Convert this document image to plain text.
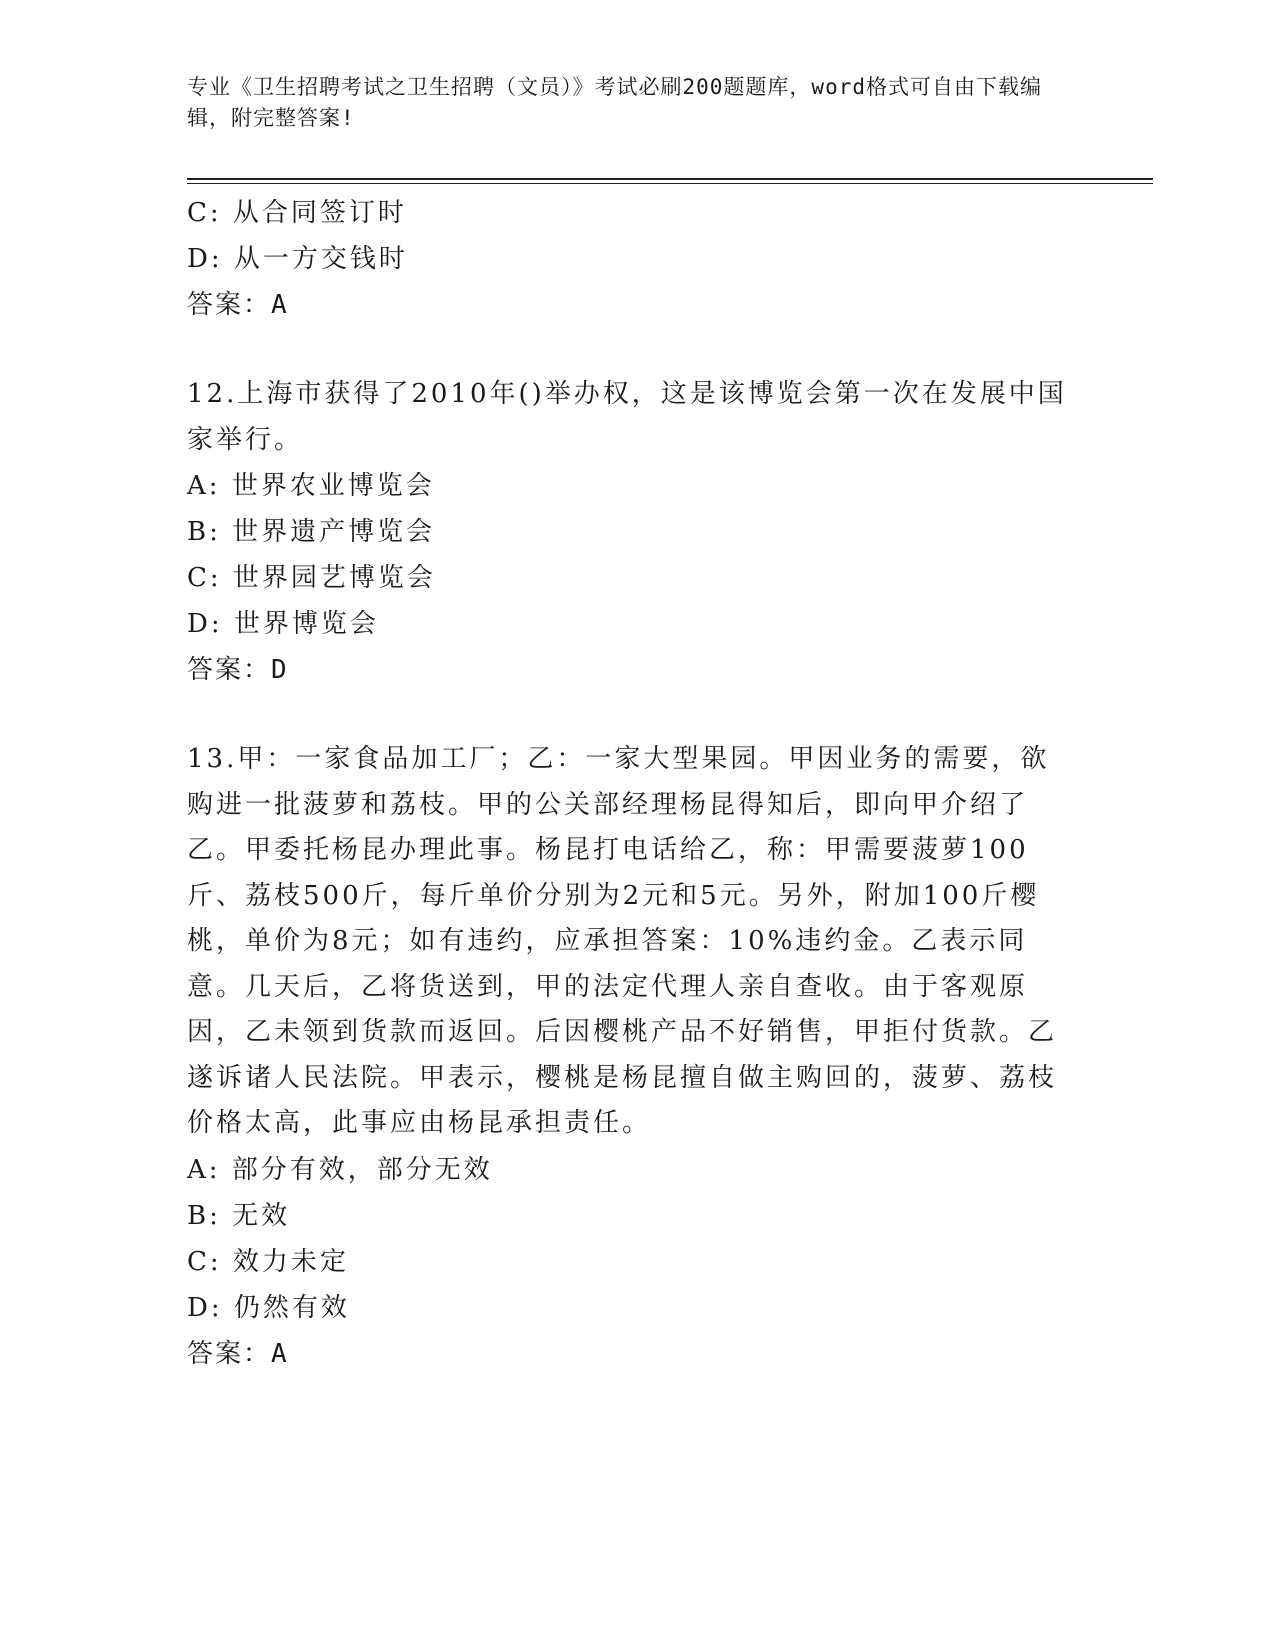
专业《卫生招聘考试之卫生招聘（文员）》考试必刷200题题库，word格式可自由下载编辑，附完整答案!

C: 从合同签订时

D: 从一方交钱时

答案：A

12.上海市获得了2010年()举办权，这是该博览会第一次在发展中国家举行。

A: 世界农业博览会

B: 世界遗产博览会

C: 世界园艺博览会

D: 世界博览会

答案：D

13.甲：一家食品加工厂；乙：一家大型果园。甲因业务的需要，欲购进一批菠萝和荔枝。甲的公关部经理杨昆得知后，即向甲介绍了乙。甲委托杨昆办理此事。杨昆打电话给乙，称：甲需要菠萝100斤、荔枝500斤，每斤单价分别为2元和5元。另外，附加100斤樱桃，单价为8元；如有违约，应承担答案：10%违约金。乙表示同意。几天后，乙将货送到，甲的法定代理人亲自查收。由于客观原因，乙未领到货款而返回。后因樱桃产品不好销售，甲拒付货款。乙遂诉诸人民法院。甲表示，樱桃是杨昆擅自做主购回的，菠萝、荔枝价格太高，此事应由杨昆承担责任。

A: 部分有效，部分无效

B: 无效

C: 效力未定

D: 仍然有效

答案：A
